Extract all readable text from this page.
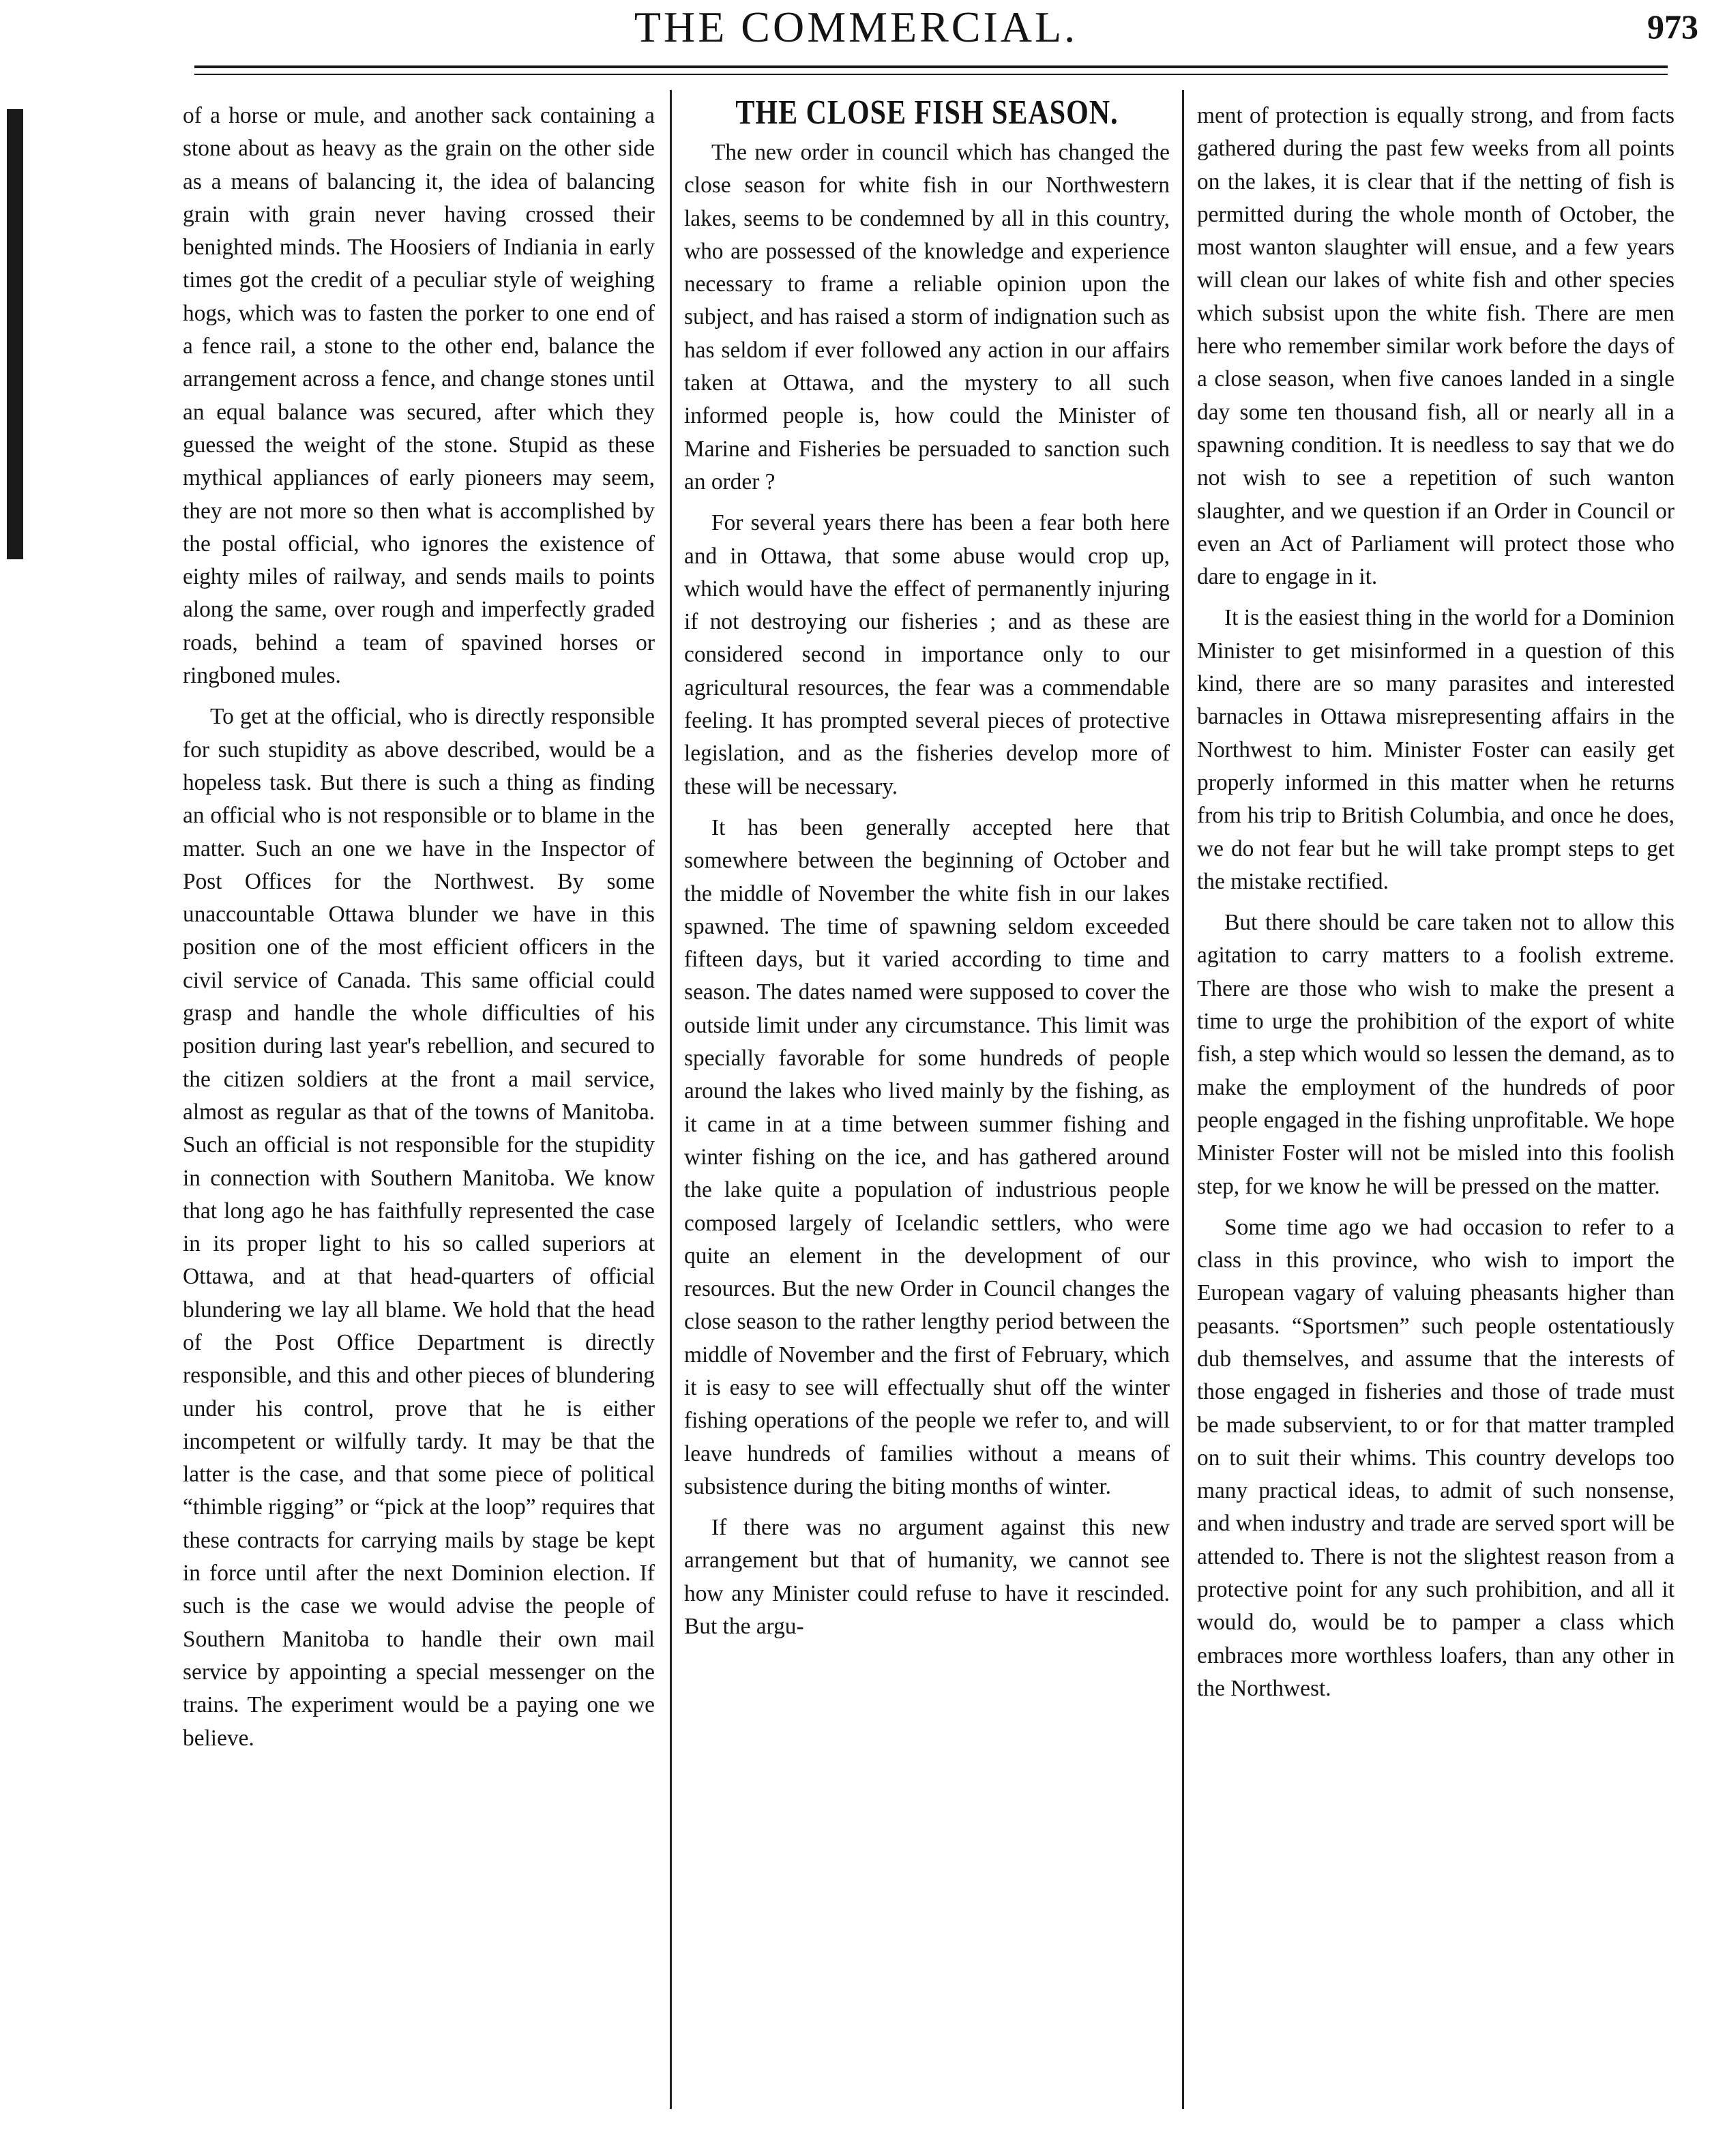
THE COMMERCIAL.	973

of a horse or mule, and another sack containing a stone about as heavy as the grain on the other side as a means of balancing it, the idea of balancing grain with grain never having crossed their benighted minds. The Hoosiers of Indiania in early times got the credit of a peculiar style of weighing hogs, which was to fasten the porker to one end of a fence rail, a stone to the other end, balance the arrangement across a fence, and change stones until an equal balance was secured, after which they guessed the weight of the stone. Stupid as these mythical appliances of early pioneers may seem, they are not more so then what is accomplished by the postal official, who ignores the existence of eighty miles of railway, and sends mails to points along the same, over rough and imperfectly graded roads, behind a team of spavined horses or ringboned mules.

To get at the official, who is directly responsible for such stupidity as above described, would be a hopeless task. But there is such a thing as finding an official who is not responsible or to blame in the matter. Such an one we have in the Inspector of Post Offices for the Northwest. By some unaccountable Ottawa blunder we have in this position one of the most efficient officers in the civil service of Canada. This same official could grasp and handle the whole difficulties of his position during last year's rebellion, and secured to the citizen soldiers at the front a mail service, almost as regular as that of the towns of Manitoba. Such an official is not responsible for the stupidity in connection with Southern Manitoba. We know that long ago he has faithfully represented the case in its proper light to his so called superiors at Ottawa, and at that head-quarters of official blundering we lay all blame. We hold that the head of the Post Office Department is directly responsible, and this and other pieces of blundering under his control, prove that he is either incompetent or wilfully tardy. It may be that the latter is the case, and that some piece of political “thimble rigging” or “pick at the loop” requires that these contracts for carrying mails by stage be kept in force until after the next Dominion election. If such is the case we would advise the people of Southern Manitoba to handle their own mail service by appointing a special messenger on the trains. The experiment would be a paying one we believe.

THE CLOSE FISH SEASON.

The new order in council which has changed the close season for white fish in our Northwestern lakes, seems to be condemned by all in this country, who are possessed of the knowledge and experience necessary to frame a reliable opinion upon the subject, and has raised a storm of indignation such as has seldom if ever followed any action in our affairs taken at Ottawa, and the mystery to all such informed people is, how could the Minister of Marine and Fisheries be persuaded to sanction such an order ?

For several years there has been a fear both here and in Ottawa, that some abuse would crop up, which would have the effect of permanently injuring if not destroying our fisheries ; and as these are considered second in importance only to our agricultural resources, the fear was a commendable feeling. It has prompted several pieces of protective legislation, and as the fisheries develop more of these will be necessary.

It has been generally accepted here that somewhere between the beginning of October and the middle of November the white fish in our lakes spawned. The time of spawning seldom exceeded fifteen days, but it varied according to time and season. The dates named were supposed to cover the outside limit under any circumstance. This limit was specially favorable for some hundreds of people around the lakes who lived mainly by the fishing, as it came in at a time between summer fishing and winter fishing on the ice, and has gathered around the lake quite a population of industrious people composed largely of Icelandic settlers, who were quite an element in the development of our resources. But the new Order in Council changes the close season to the rather lengthy period between the middle of November and the first of February, which it is easy to see will effectually shut off the winter fishing operations of the people we refer to, and will leave hundreds of families without a means of subsistence during the biting months of winter.

If there was no argument against this new arrangement but that of humanity, we cannot see how any Minister could refuse to have it rescinded. But the argu-

ment of protection is equally strong, and from facts gathered during the past few weeks from all points on the lakes, it is clear that if the netting of fish is permitted during the whole month of October, the most wanton slaughter will ensue, and a few years will clean our lakes of white fish and other species which subsist upon the white fish. There are men here who remember similar work before the days of a close season, when five canoes landed in a single day some ten thousand fish, all or nearly all in a spawning condition. It is needless to say that we do not wish to see a repetition of such wanton slaughter, and we question if an Order in Council or even an Act of Parliament will protect those who dare to engage in it.

It is the easiest thing in the world for a Dominion Minister to get misinformed in a question of this kind, there are so many parasites and interested barnacles in Ottawa misrepresenting affairs in the Northwest to him. Minister Foster can easily get properly informed in this matter when he returns from his trip to British Columbia, and once he does, we do not fear but he will take prompt steps to get the mistake rectified.

But there should be care taken not to allow this agitation to carry matters to a foolish extreme. There are those who wish to make the present a time to urge the prohibition of the export of white fish, a step which would so lessen the demand, as to make the employment of the hundreds of poor people engaged in the fishing unprofitable. We hope Minister Foster will not be misled into this foolish step, for we know he will be pressed on the matter.

Some time ago we had occasion to refer to a class in this province, who wish to import the European vagary of valuing pheasants higher than peasants. “Sportsmen” such people ostentatiously dub themselves, and assume that the interests of those engaged in fisheries and those of trade must be made subservient, to or for that matter trampled on to suit their whims. This country develops too many practical ideas, to admit of such nonsense, and when industry and trade are served sport will be attended to. There is not the slightest reason from a protective point for any such prohibition, and all it would do, would be to pamper a class which embraces more worthless loafers, than any other in the Northwest.
